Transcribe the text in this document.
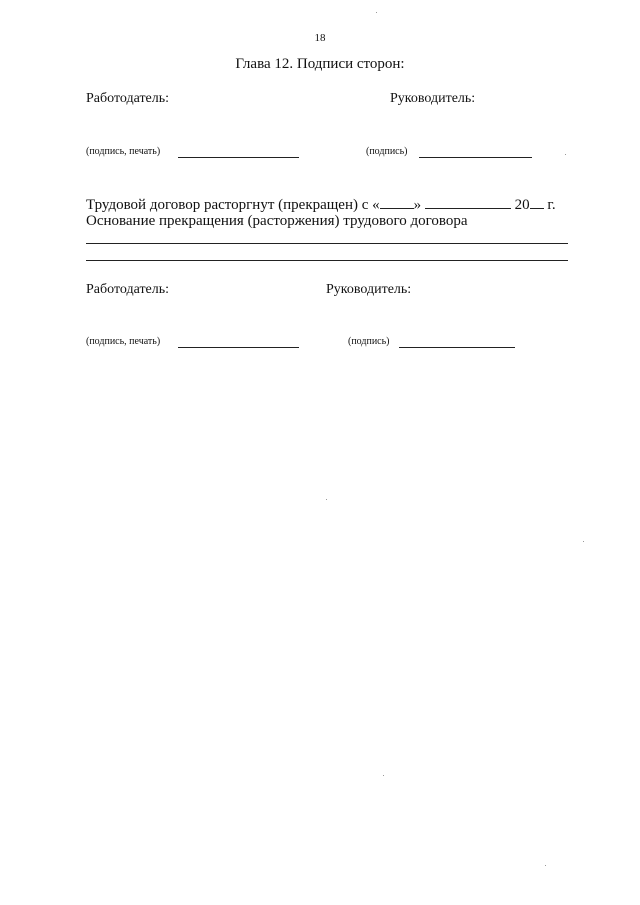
18
Глава 12. Подписи сторон:
Работодатель:	Руководитель:
(подпись, печать)	(подпись)
Трудовой договор расторгнут (прекращен) с « »	20 г.
Основание прекращения (расторжения) трудового договора
Работодатель:	Руководитель:
(подпись, печать)	(подпись)
